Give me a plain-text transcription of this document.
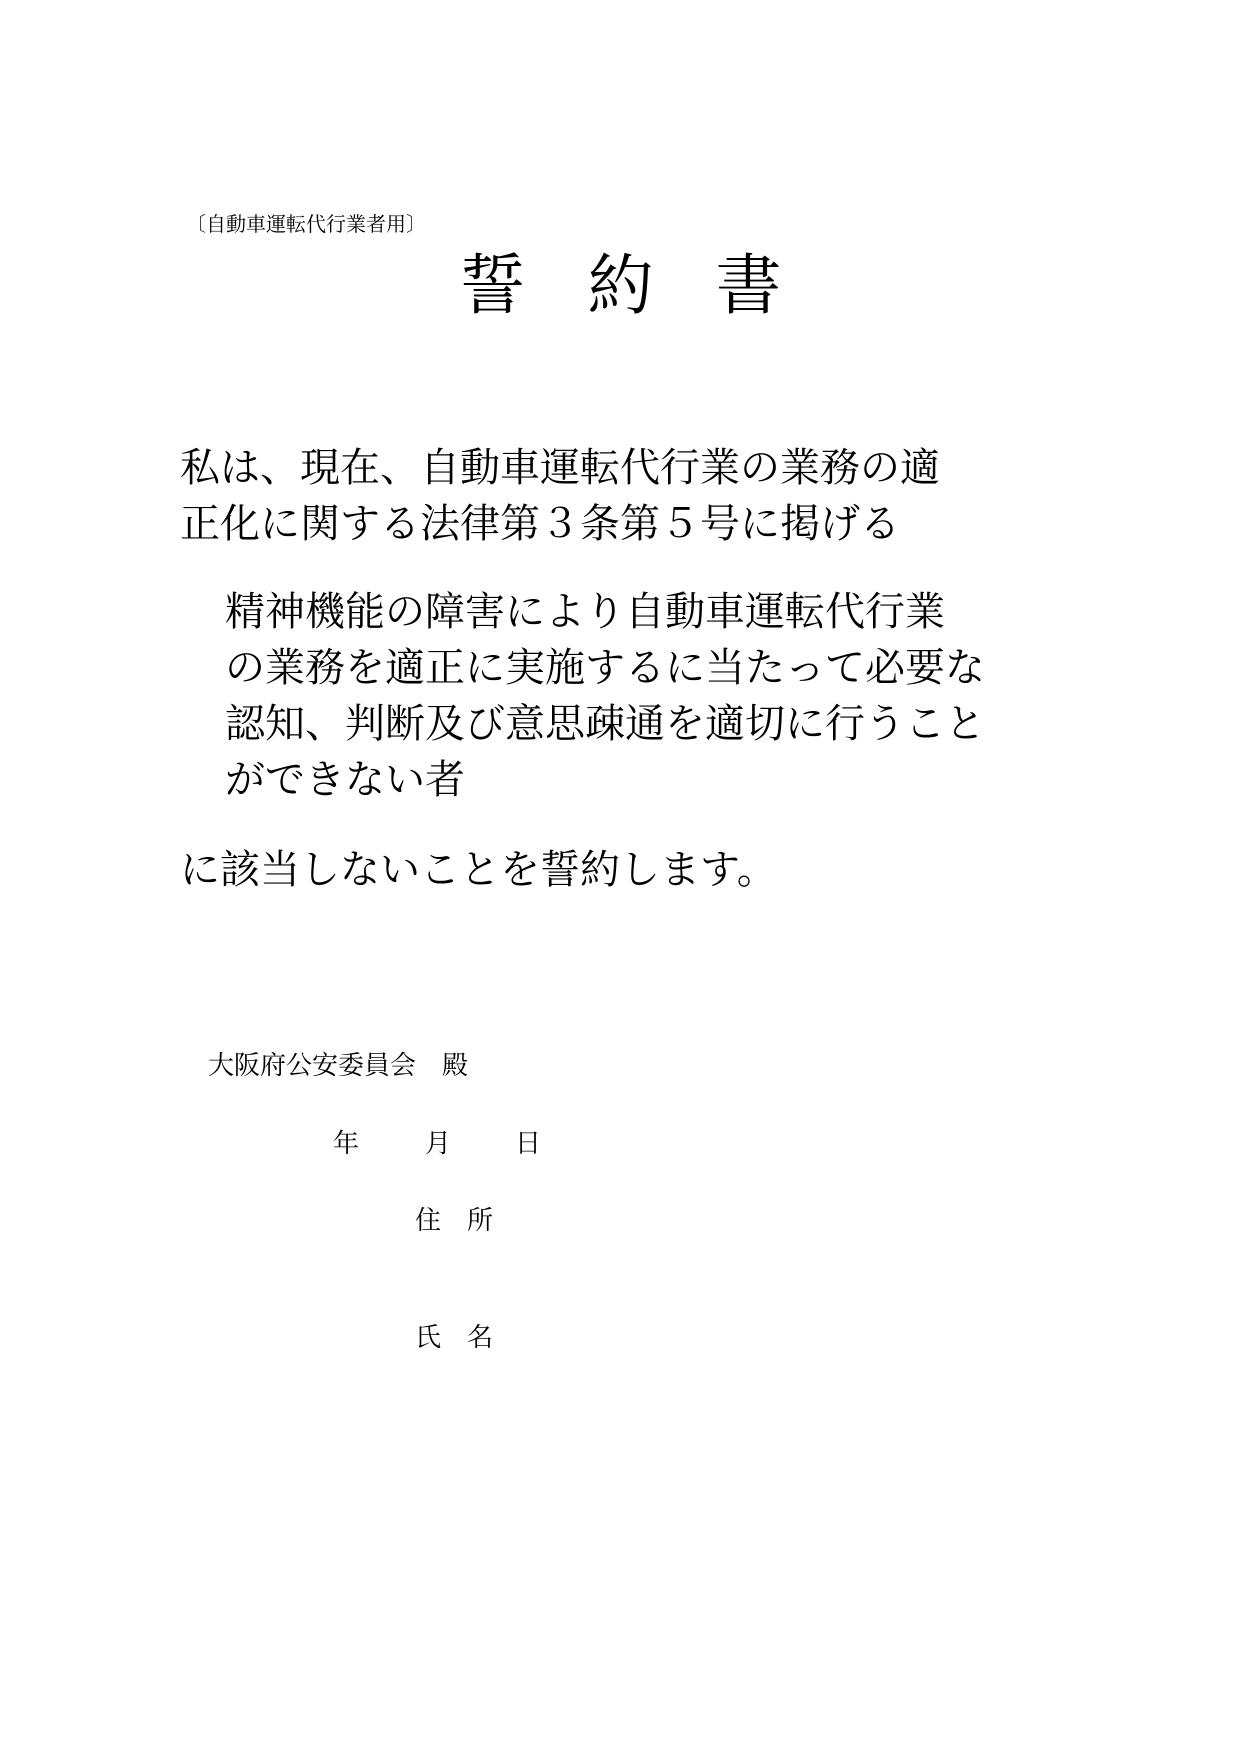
〔自動車運転代行業者用〕
誓約書
私は、現在、自動車運転代行業の業務の適
正化に関する法律第３条第５号に掲げる
精神機能の障害により自動車運転代行業
の業務を適正に実施するに当たって必要な
認知、判断及び意思疎通を適切に行うこと
ができない者
に該当しないことを誓約します。
大阪府公安委員会　殿
年	月 日
住所
氏名
